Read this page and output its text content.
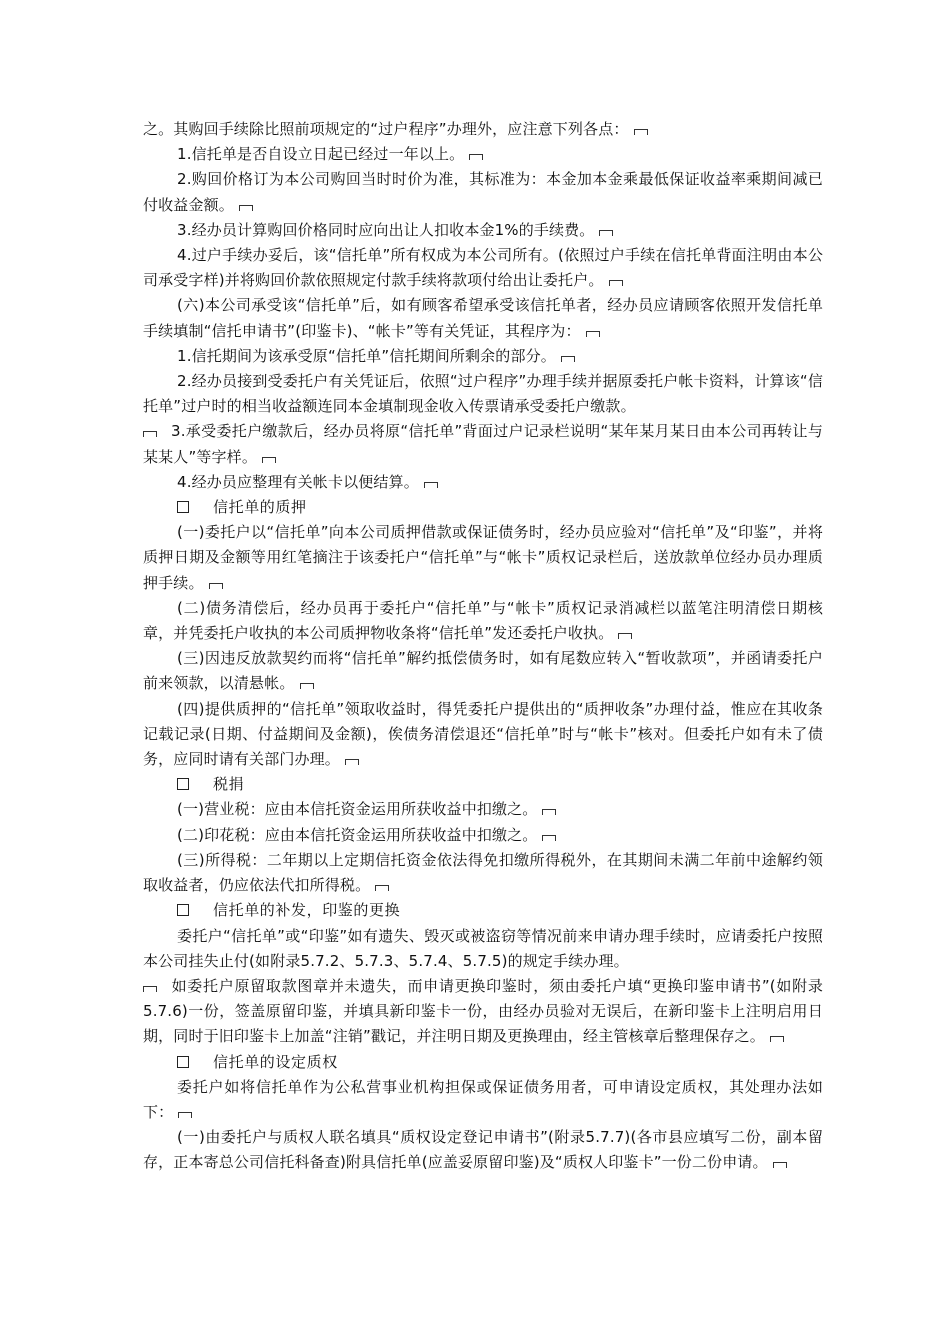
之。其购回手续除比照前项规定的“过户程序”办理外，应注意下列各点：

1.信托单是否自设立日起已经过一年以上。

2.购回价格订为本公司购回当时时价为准，其标准为：本金加本金乘最低保证收益率乘期间减已付收益金额。

3.经办员计算购回价格同时应向出让人扣收本金1%的手续费。

4.过户手续办妥后，该“信托单”所有权成为本公司所有。(依照过户手续在信托单背面注明由本公司承受字样)并将购回价款依照规定付款手续将款项付给出让委托户。

(六)本公司承受该“信托单”后，如有顾客希望承受该信托单者，经办员应请顾客依照开发信托单手续填制“信托申请书”(印鉴卡)、“帐卡”等有关凭证，其程序为：

1.信托期间为该承受原“信托单”信托期间所剩余的部分。

2.经办员接到受委托户有关凭证后，依照“过户程序”办理手续并据原委托户帐卡资料，计算该“信托单”过户时的相当收益额连同本金填制现金收入传票请承受委托户缴款。

3.承受委托户缴款后，经办员将原“信托单”背面过户记录栏说明“某年某月某日由本公司再转让与某某人”等字样。

4.经办员应整理有关帐卡以便结算。

信托单的质押

(一)委托户以“信托单”向本公司质押借款或保证债务时，经办员应验对“信托单”及“印鉴”，并将质押日期及金额等用红笔摘注于该委托户“信托单”与“帐卡”质权记录栏后，送放款单位经办员办理质押手续。

(二)债务清偿后，经办员再于委托户“信托单”与“帐卡”质权记录消减栏以蓝笔注明清偿日期核章，并凭委托户收执的本公司质押物收条将“信托单”发还委托户收执。

(三)因违反放款契约而将“信托单”解约抵偿债务时，如有尾数应转入“暂收款项”，并函请委托户前来领款，以清悬帐。

(四)提供质押的“信托单”领取收益时，得凭委托户提供出的“质押收条”办理付益，惟应在其收条记载记录(日期、付益期间及金额)，俟债务清偿退还“信托单”时与“帐卡”核对。但委托户如有未了债务，应同时请有关部门办理。

税捐

(一)营业税：应由本信托资金运用所获收益中扣缴之。

(二)印花税：应由本信托资金运用所获收益中扣缴之。

(三)所得税：二年期以上定期信托资金依法得免扣缴所得税外，在其期间未满二年前中途解约领取收益者，仍应依法代扣所得税。

信托单的补发，印鉴的更换

委托户“信托单”或“印鉴”如有遗失、毁灭或被盗窃等情况前来申请办理手续时，应请委托户按照本公司挂失止付(如附录5.7.2、5.7.3、5.7.4、5.7.5)的规定手续办理。

如委托户原留取款图章并未遗失，而申请更换印鉴时，须由委托户填“更换印鉴申请书”(如附录5.7.6)一份，签盖原留印鉴，并填具新印鉴卡一份，由经办员验对无误后，在新印鉴卡上注明启用日期，同时于旧印鉴卡上加盖“注销”戳记，并注明日期及更换理由，经主管核章后整理保存之。

信托单的设定质权

委托户如将信托单作为公私营事业机构担保或保证债务用者，可申请设定质权，其处理办法如下：

(一)由委托户与质权人联名填具“质权设定登记申请书”(附录5.7.7)(各市县应填写二份，副本留存，正本寄总公司信托科备查)附具信托单(应盖妥原留印鉴)及“质权人印鉴卡”一份二份申请。
